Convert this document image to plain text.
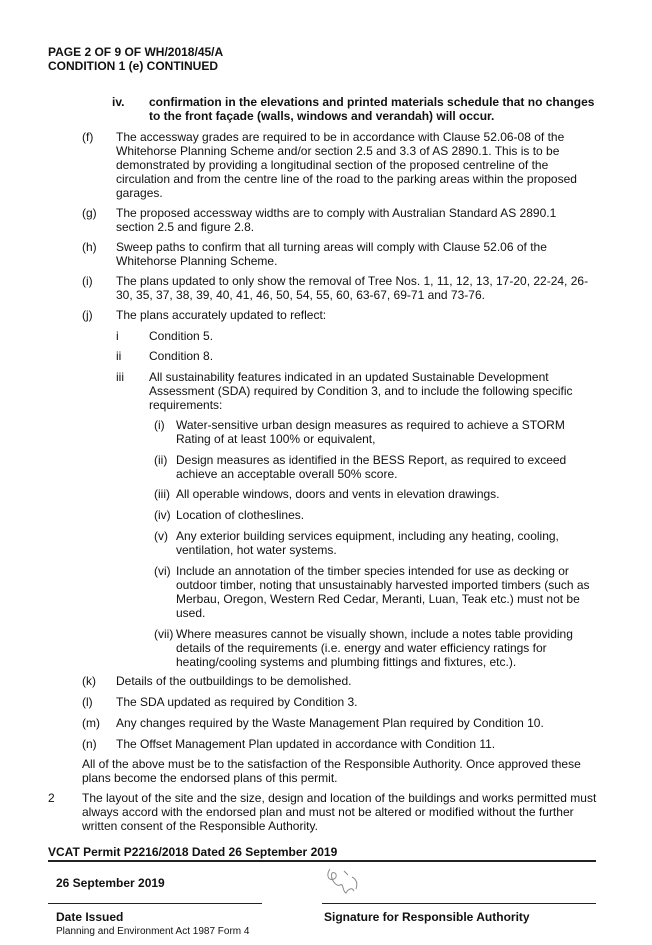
PAGE 2 OF 9 OF WH/2018/45/A
CONDITION 1 (e) CONTINUED
iv. confirmation in the elevations and printed materials schedule that no changes
to the front façade (walls, windows and verandah) will occur.
(f) The accessway grades are required to be in accordance with Clause 52.06-08 of the
Whitehorse Planning Scheme and/or section 2.5 and 3.3 of AS 2890.1. This is to be
demonstrated by providing a longitudinal section of the proposed centreline of the
circulation and from the centre line of the road to the parking areas within the proposed
garages.
(g) The proposed accessway widths are to comply with Australian Standard AS 2890.1
section 2.5 and figure 2.8.
(h) Sweep paths to confirm that all turning areas will comply with Clause 52.06 of the
Whitehorse Planning Scheme.
(i) The plans updated to only show the removal of Tree Nos. 1, 11, 12, 13, 17-20, 22-24, 26-
30, 35, 37, 38, 39, 40, 41, 46, 50, 54, 55, 60, 63-67, 69-71 and 73-76.
(j) The plans accurately updated to reflect:
i	Condition 5.
ii Condition 8.
iii All sustainability features indicated in an updated Sustainable Development
Assessment (SDA) required by Condition 3, and to include the following specific
requirements:
(i) Water-sensitive urban design measures as required to achieve a STORM
Rating of at least 100% or equivalent,
(ii) Design measures as identified in the BESS Report, as required to exceed
achieve an acceptable overall 50% score.
(iii) All operable windows, doors and vents in elevation drawings.
(iv) Location of clotheslines.
(v) Any exterior building services equipment, including any heating, cooling,
ventilation, hot water systems.
(vi) Include an annotation of the timber species intended for use as decking or
outdoor timber, noting that unsustainably harvested imported timbers (such as
Merbau, Oregon, Western Red Cedar, Meranti, Luan, Teak etc.) must not be
used.
(vii) Where measures cannot be visually shown, include a notes table providing
details of the requirements (i.e. energy and water efficiency ratings for
heating/cooling systems and plumbing fittings and fixtures, etc.).
(k) Details of the outbuildings to be demolished.
(l) The SDA updated as required by Condition 3.
(m) Any changes required by the Waste Management Plan required by Condition 10.
(n) The Offset Management Plan updated in accordance with Condition 11.
All of the above must be to the satisfaction of the Responsible Authority. Once approved these
plans become the endorsed plans of this permit.
2 The layout of the site and the size, design and location of the buildings and works permitted must
always accord with the endorsed plan and must not be altered or modified without the further
written consent of the Responsible Authority.
VCAT Permit P2216/2018 Dated 26 September 2019
26 September 2019
Date Issued
Planning and Environment Act 1987 Form 4
Signature for Responsible Authority
